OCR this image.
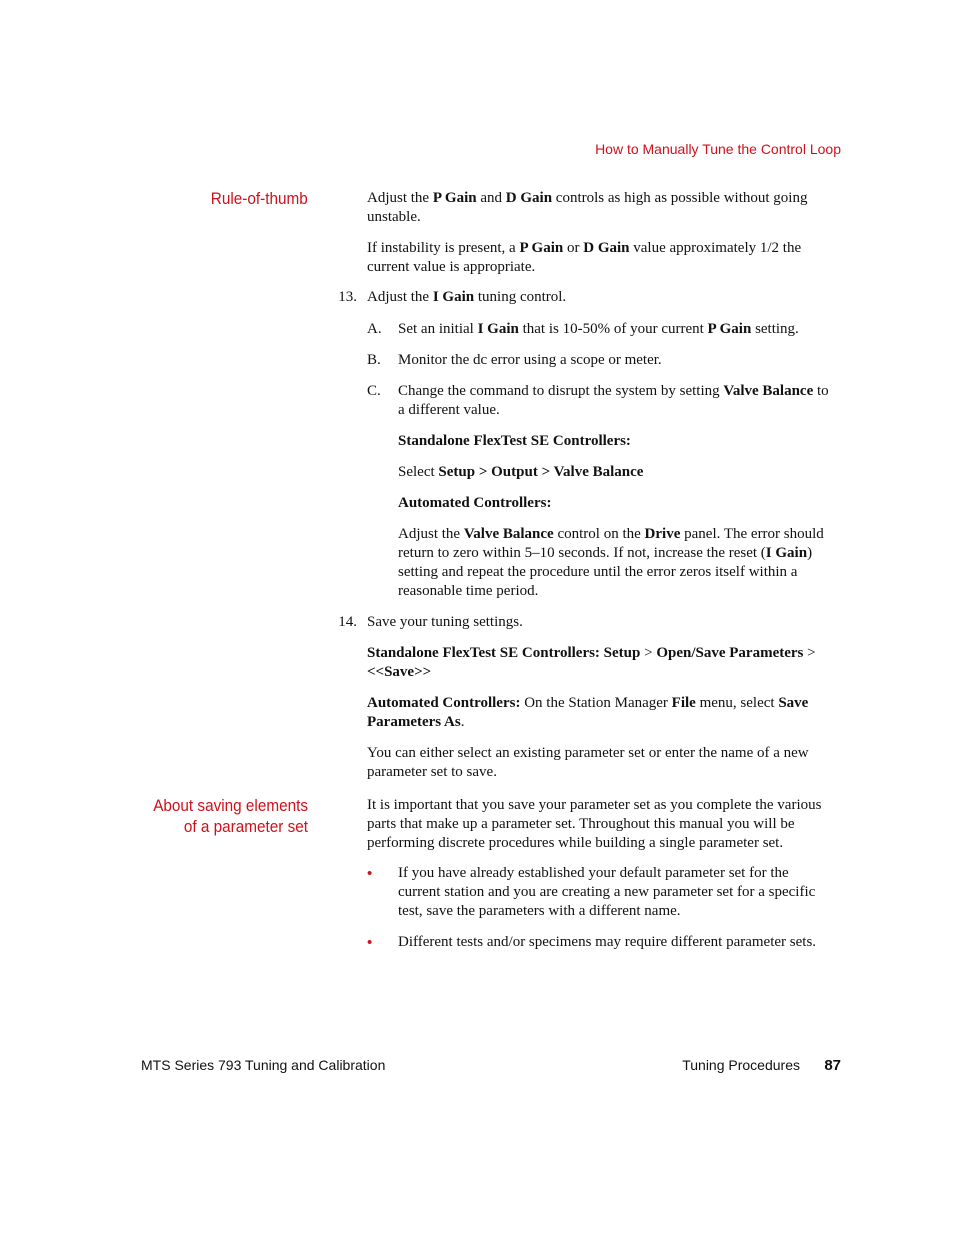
How to Manually Tune the Control Loop
Rule-of-thumb
About saving elements
of a parameter set
Adjust the P Gain and D Gain controls as high as possible without going
unstable.
If instability is present, a P Gain or D Gain value approximately 1/2 the
current value is appropriate.
13. Adjust the I Gain tuning control.
A. Set an initial I Gain that is 10-50% of your current P Gain setting.
B. Monitor the dc error using a scope or meter.
C. Change the command to disrupt the system by setting Valve Balance to
a different value.
Standalone FlexTest SE Controllers:
Select Setup > Output > Valve Balance
Automated Controllers:
Adjust the Valve Balance control on the Drive panel. The error should
return to zero within 5–10 seconds. If not, increase the reset (I Gain)
setting and repeat the procedure until the error zeros itself within a
reasonable time period.
14. Save your tuning settings.
Standalone FlexTest SE Controllers: Setup > Open/Save Parameters >
<<Save>>
Automated Controllers: On the Station Manager File menu, select Save
Parameters As.
You can either select an existing parameter set or enter the name of a new
parameter set to save.
It is important that you save your parameter set as you complete the various
parts that make up a parameter set. Throughout this manual you will be
performing discrete procedures while building a single parameter set.
• If you have already established your default parameter set for the
current station and you are creating a new parameter set for a specific
test, save the parameters with a different name.
• Different tests and/or specimens may require different parameter sets.
MTS Series 793 Tuning and Calibration	Tuning Procedures 87
